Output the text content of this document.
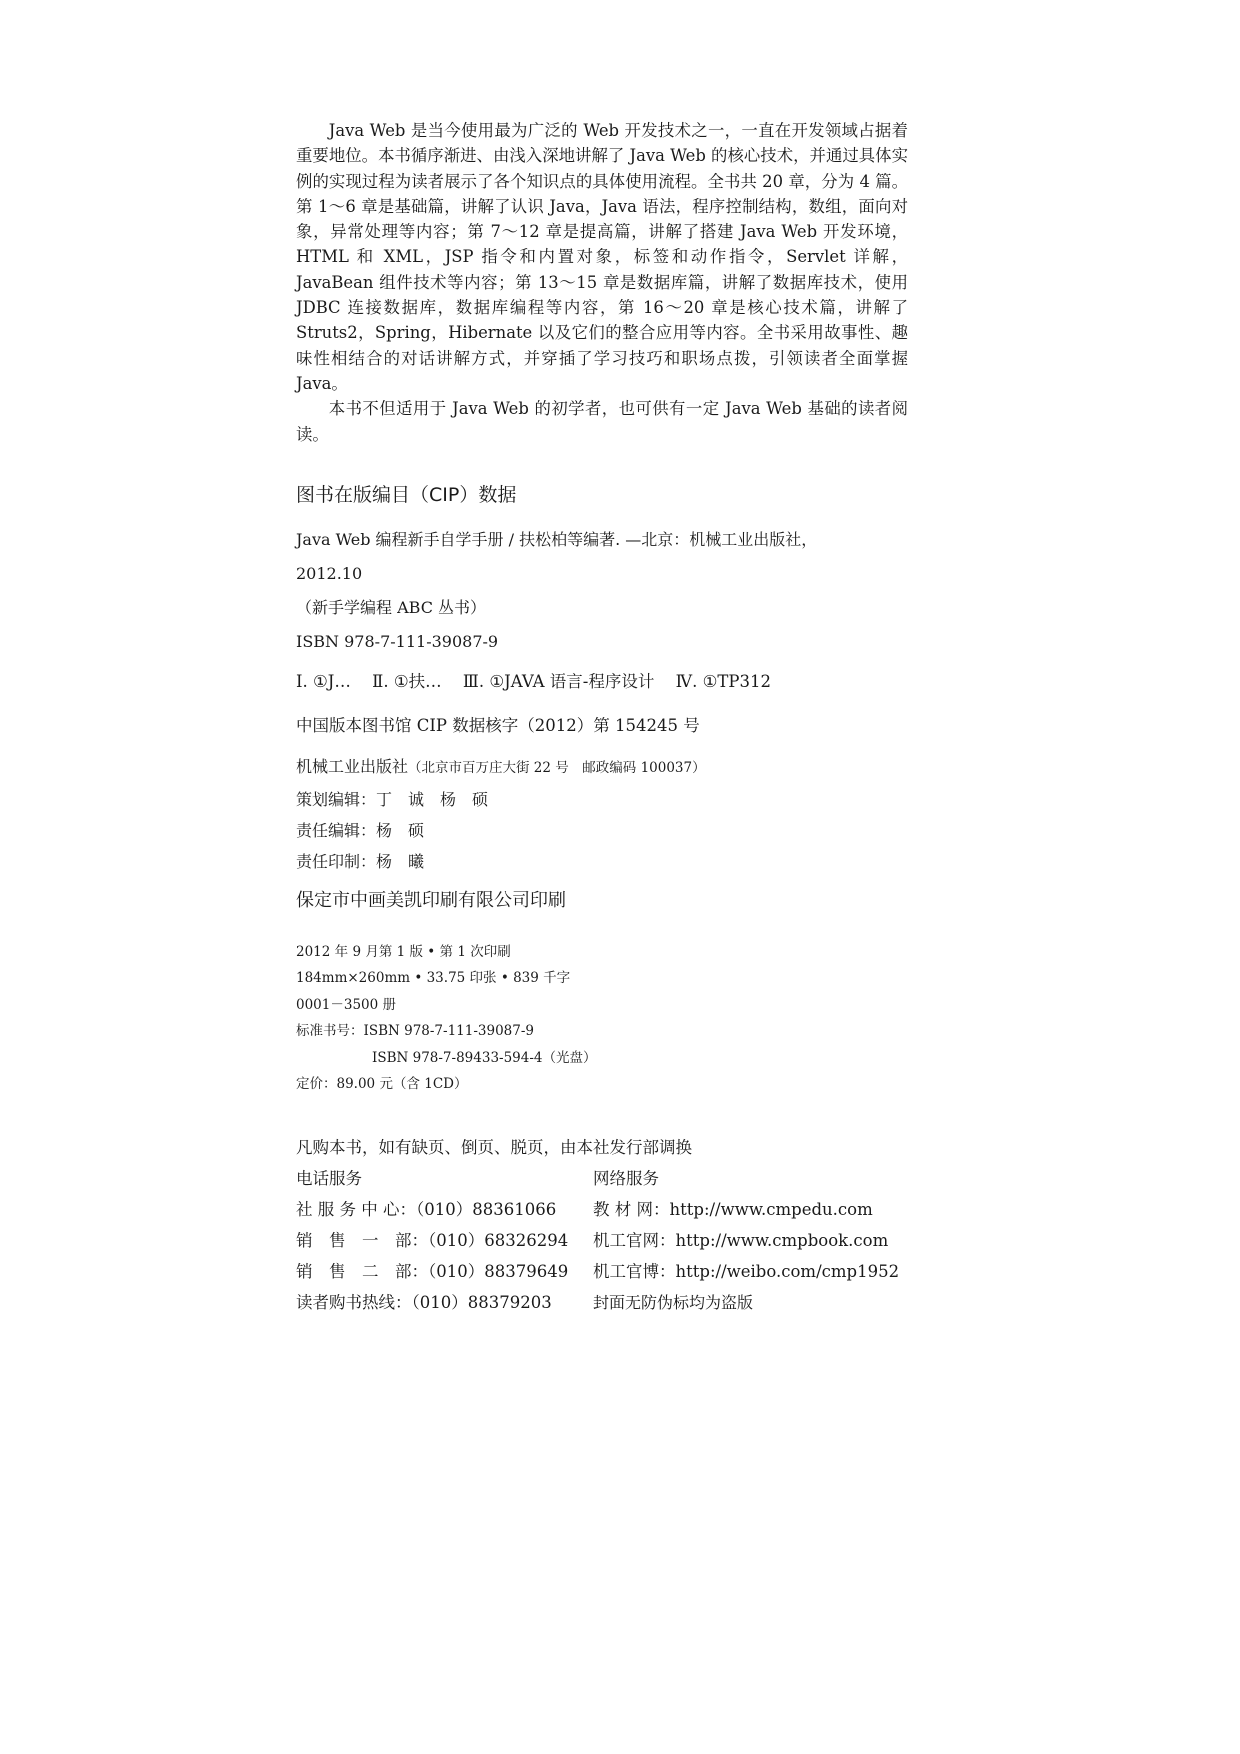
Java Web 是当今使用最为广泛的 Web 开发技术之一，一直在开发领域占据着重要地位。本书循序渐进、由浅入深地讲解了 Java Web 的核心技术，并通过具体实例的实现过程为读者展示了各个知识点的具体使用流程。全书共 20 章，分为 4 篇。第 1～6 章是基础篇，讲解了认识 Java，Java 语法，程序控制结构，数组，面向对象，异常处理等内容；第 7～12 章是提高篇，讲解了搭建 Java Web 开发环境，HTML 和 XML，JSP 指令和内置对象，标签和动作指令，Servlet 详解，JavaBean 组件技术等内容；第 13～15 章是数据库篇，讲解了数据库技术，使用 JDBC 连接数据库，数据库编程等内容，第 16～20 章是核心技术篇，讲解了 Struts2，Spring，Hibernate 以及它们的整合应用等内容。全书采用故事性、趣味性相结合的对话讲解方式，并穿插了学习技巧和职场点拨，引领读者全面掌握 Java。

本书不但适用于 Java Web 的初学者，也可供有一定 Java Web 基础的读者阅读。

图书在版编目（CIP）数据
Java Web 编程新手自学手册 / 扶松柏等编著. —北京：机械工业出版社，
2012.10
（新手学编程 ABC 丛书）
ISBN 978-7-111-39087-9
Ⅰ. ①J… Ⅱ. ①扶… Ⅲ. ①JAVA 语言-程序设计 Ⅳ. ①TP312
中国版本图书馆 CIP 数据核字（2012）第 154245 号
机械工业出版社（北京市百万庄大街 22 号　邮政编码 100037）
策划编辑：丁　诚　杨　硕
责任编辑：杨　硕
责任印制：杨　曦
保定市中画美凯印刷有限公司印刷
2012 年 9 月第 1 版 • 第 1 次印刷
184mm×260mm • 33.75 印张 • 839 千字
0001－3500 册
标准书号：ISBN 978-7-111-39087-9
ISBN 978-7-89433-594-4（光盘）
定价：89.00 元（含 1CD）
凡购本书，如有缺页、倒页、脱页，由本社发行部调换
电话服务	网络服务
社 服 务 中 心：（010）88361066	教 材 网：http://www.cmpedu.com
销　售　一　部：（010）68326294	机工官网：http://www.cmpbook.com
销　售　二　部：（010）88379649	机工官博：http://weibo.com/cmp1952
读者购书热线：（010）88379203	封面无防伪标均为盗版
